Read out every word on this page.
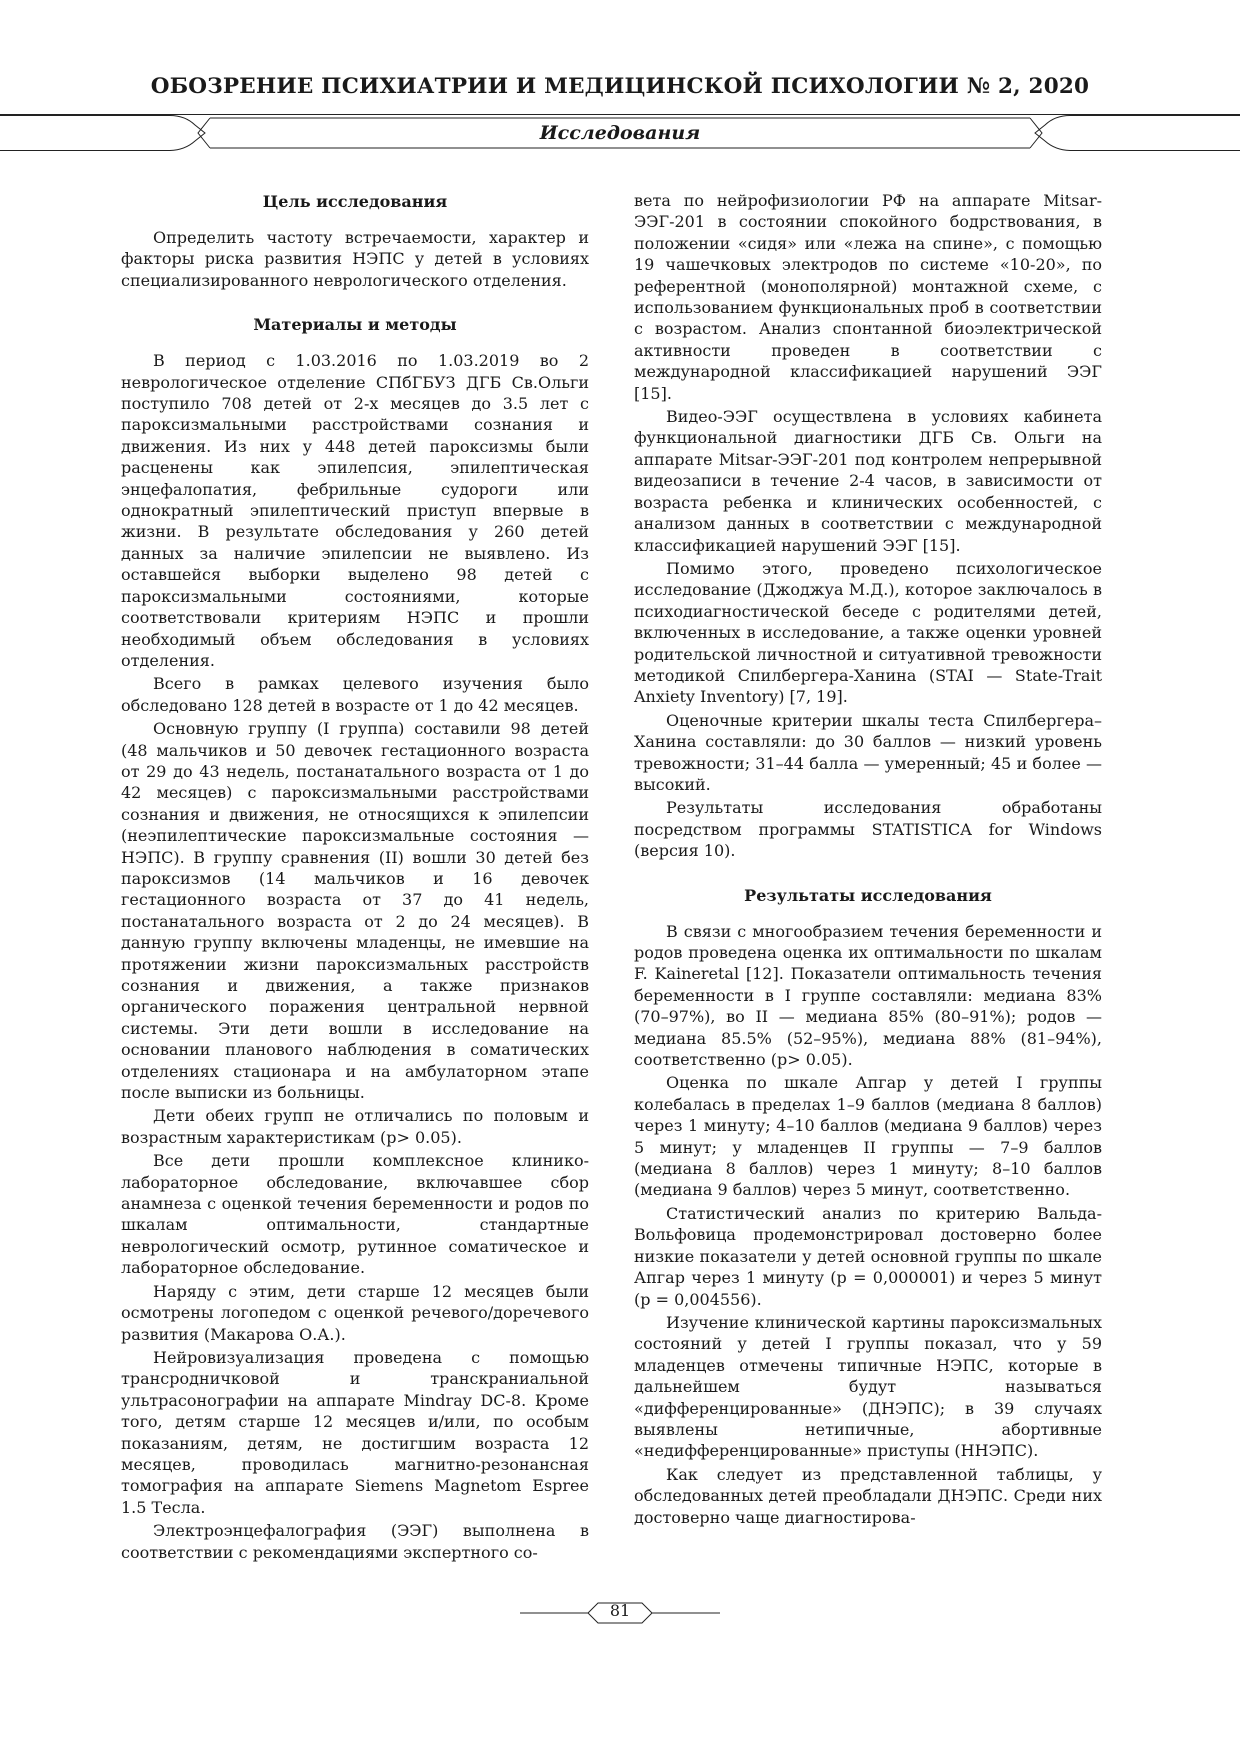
ОБОЗРЕНИЕ ПСИХИАТРИИ И МЕДИЦИНСКОЙ ПСИХОЛОГИИ № 2, 2020
Исследования
Цель исследования

Определить частоту встречаемости, характер и факторы риска развития НЭПС у детей в условиях специализированного неврологического отделения.

Материалы и методы

В период с 1.03.2016 по 1.03.2019 во 2 неврологическое отделение СПбГБУЗ ДГБ Св.Ольги поступило 708 детей от 2-х месяцев до 3.5 лет с пароксизмальными расстройствами сознания и движения. Из них у 448 детей пароксизмы были расценены как эпилепсия, эпилептическая энцефалопатия, фебрильные судороги или однократный эпилептический приступ впервые в жизни. В результате обследования у 260 детей данных за наличие эпилепсии не выявлено. Из оставшейся выборки выделено 98 детей с пароксизмальными состояниями, которые соответствовали критериям НЭПС и прошли необходимый объем обследования в условиях отделения.

Всего в рамках целевого изучения было обследовано 128 детей в возрасте от 1 до 42 месяцев.

Основную группу (I группа) составили 98 детей (48 мальчиков и 50 девочек гестационного возраста от 29 до 43 недель, постанатального возраста от 1 до 42 месяцев) с пароксизмальными расстройствами сознания и движения, не относящихся к эпилепсии (неэпилептические пароксизмальные состояния — НЭПС). В группу сравнения (II) вошли 30 детей без пароксизмов (14 мальчиков и 16 девочек гестационного возраста от 37 до 41 недель, постанатального возраста от 2 до 24 месяцев). В данную группу включены младенцы, не имевшие на протяжении жизни пароксизмальных расстройств сознания и движения, а также признаков органического поражения центральной нервной системы. Эти дети вошли в исследование на основании планового наблюдения в соматических отделениях стационара и на амбулаторном этапе после выписки из больницы.

Дети обеих групп не отличались по половым и возрастным характеристикам (р> 0.05).

Все дети прошли комплексное клинико-лабораторное обследование, включавшее сбор анамнеза с оценкой течения беременности и родов по шкалам оптимальности, стандартные неврологический осмотр, рутинное соматическое и лабораторное обследование.

Наряду с этим, дети старше 12 месяцев были осмотрены логопедом с оценкой речевого/доречевого развития (Макарова О.А.).

Нейровизуализация проведена с помощью трансродничковой и транскраниальной ультрасонографии на аппарате Mindray DC-8. Кроме того, детям старше 12 месяцев и/или, по особым показаниям, детям, не достигшим возраста 12 месяцев, проводилась магнитно-резонансная томография на аппарате Siemens Magnetom Espree 1.5 Тесла.

Электроэнцефалография (ЭЭГ) выполнена в соответствии с рекомендациями экспертного со-

вета по нейрофизиологии РФ на аппарате Mitsar-ЭЭГ-201 в состоянии спокойного бодрствования, в положении «сидя» или «лежа на спине», с помощью 19 чашечковых электродов по системе «10-20», по референтной (монополярной) монтажной схеме, с использованием функциональных проб в соответствии с возрастом. Анализ спонтанной биоэлектрической активности проведен в соответствии с международной классификацией нарушений ЭЭГ [15].

Видео-ЭЭГ осуществлена в условиях кабинета функциональной диагностики ДГБ Св. Ольги на аппарате Mitsar-ЭЭГ-201 под контролем непрерывной видеозаписи в течение 2-4 часов, в зависимости от возраста ребенка и клинических особенностей, с анализом данных в соответствии с международной классификацией нарушений ЭЭГ [15].

Помимо этого, проведено психологическое исследование (Джоджуа М.Д.), которое заключалось в психодиагностической беседе с родителями детей, включенных в исследование, а также оценки уровней родительской личностной и ситуативной тревожности методикой Спилбергера-Ханина (STAI — State-Trait Anxiety Inventory) [7, 19].

Оценочные критерии шкалы теста Спилбергера–Ханина составляли: до 30 баллов — низкий уровень тревожности; 31–44 балла — умеренный; 45 и более — высокий.

Результаты исследования обработаны посредством программы STATISTICA for Windows (версия 10).

Результаты исследования

В связи с многообразием течения беременности и родов проведена оценка их оптимальности по шкалам F. Kaineretal [12]. Показатели оптимальность течения беременности в I группе составляли: медиана 83% (70–97%), во II — медиана 85% (80–91%); родов — медиана 85.5% (52–95%), медиана 88% (81–94%), соответственно (p> 0.05).

Оценка по шкале Апгар у детей I группы колебалась в пределах 1–9 баллов (медиана 8 баллов) через 1 минуту; 4–10 баллов (медиана 9 баллов) через 5 минут; у младенцев II группы — 7–9 баллов (медиана 8 баллов) через 1 минуту; 8–10 баллов (медиана 9 баллов) через 5 минут, соответственно.

Статистический анализ по критерию Вальда-Вольфовица продемонстрировал достоверно более низкие показатели у детей основной группы по шкале Апгар через 1 минуту (р = 0,000001) и через 5 минут (р = 0,004556).

Изучение клинической картины пароксизмальных состояний у детей I группы показал, что у 59 младенцев отмечены типичные НЭПС, которые в дальнейшем будут называться «дифференцированные» (ДНЭПС); в 39 случаях выявлены нетипичные, абортивные «недифференцированные» приступы (ННЭПС).

Как следует из представленной таблицы, у обследованных детей преобладали ДНЭПС. Среди них достоверно чаще диагностирова-

81
